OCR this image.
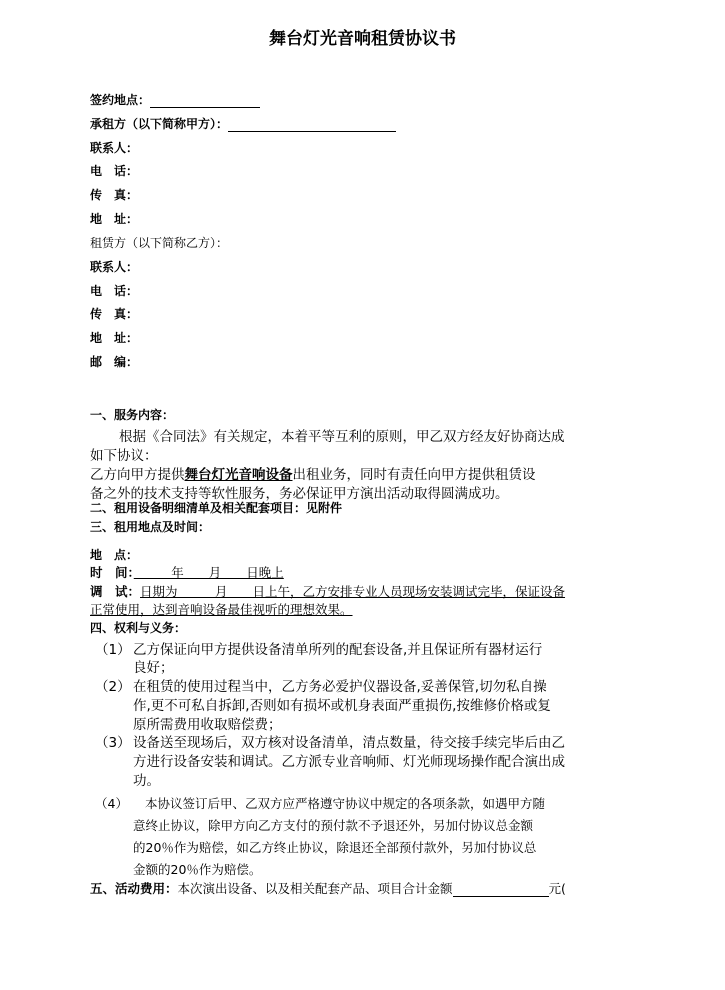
舞台灯光音响租赁协议书
签约地点：
承租方（以下简称甲方）：
联系人：
电　话：
传　真：
地　址：
租赁方（以下简称乙方）：
联系人：
电　话：
传　真：
地　址：
邮　编：
一、服务内容：
根据《合同法》有关规定，本着平等互利的原则，甲乙双方经友好协商达成
如下协议：
乙方向甲方提供舞台灯光音响设备出租业务，同时有责任向甲方提供租赁设
备之外的技术支持等软性服务，务必保证甲方演出活动取得圆满成功。
二、租用设备明细清单及相关配套项目：见附件
三、租用地点及时间：
地　点：
时　间：　　　年　　月　　日晚上
调　试：日期为　　　月　　日上午，乙方安排专业人员现场安装调试完毕，保证设备
正常使用，达到音响设备最佳视听的理想效果。
四、权利与义务：
（1） 乙方保证向甲方提供设备清单所列的配套设备,并且保证所有器材运行
良好；
（2） 在租赁的使用过程当中，乙方务必爱护仪器设备,妥善保管,切勿私自操
作,更不可私自拆卸,否则如有损坏或机身表面严重损伤,按维修价格或复
原所需费用收取赔偿费；
（3） 设备送至现场后，双方核对设备清单，清点数量，待交接手续完毕后由乙
方进行设备安装和调试。乙方派专业音响师、灯光师现场操作配合演出成
功。
（4） 本协议签订后甲、乙双方应严格遵守协议中规定的各项条款，如遇甲方随
意终止协议，除甲方向乙方支付的预付款不予退还外，另加付协议总金额
的20％作为赔偿，如乙方终止协议，除退还全部预付款外，另加付协议总
金额的20％作为赔偿。
五、活动费用：本次演出设备、以及相关配套产品、项目合计金额	元(
